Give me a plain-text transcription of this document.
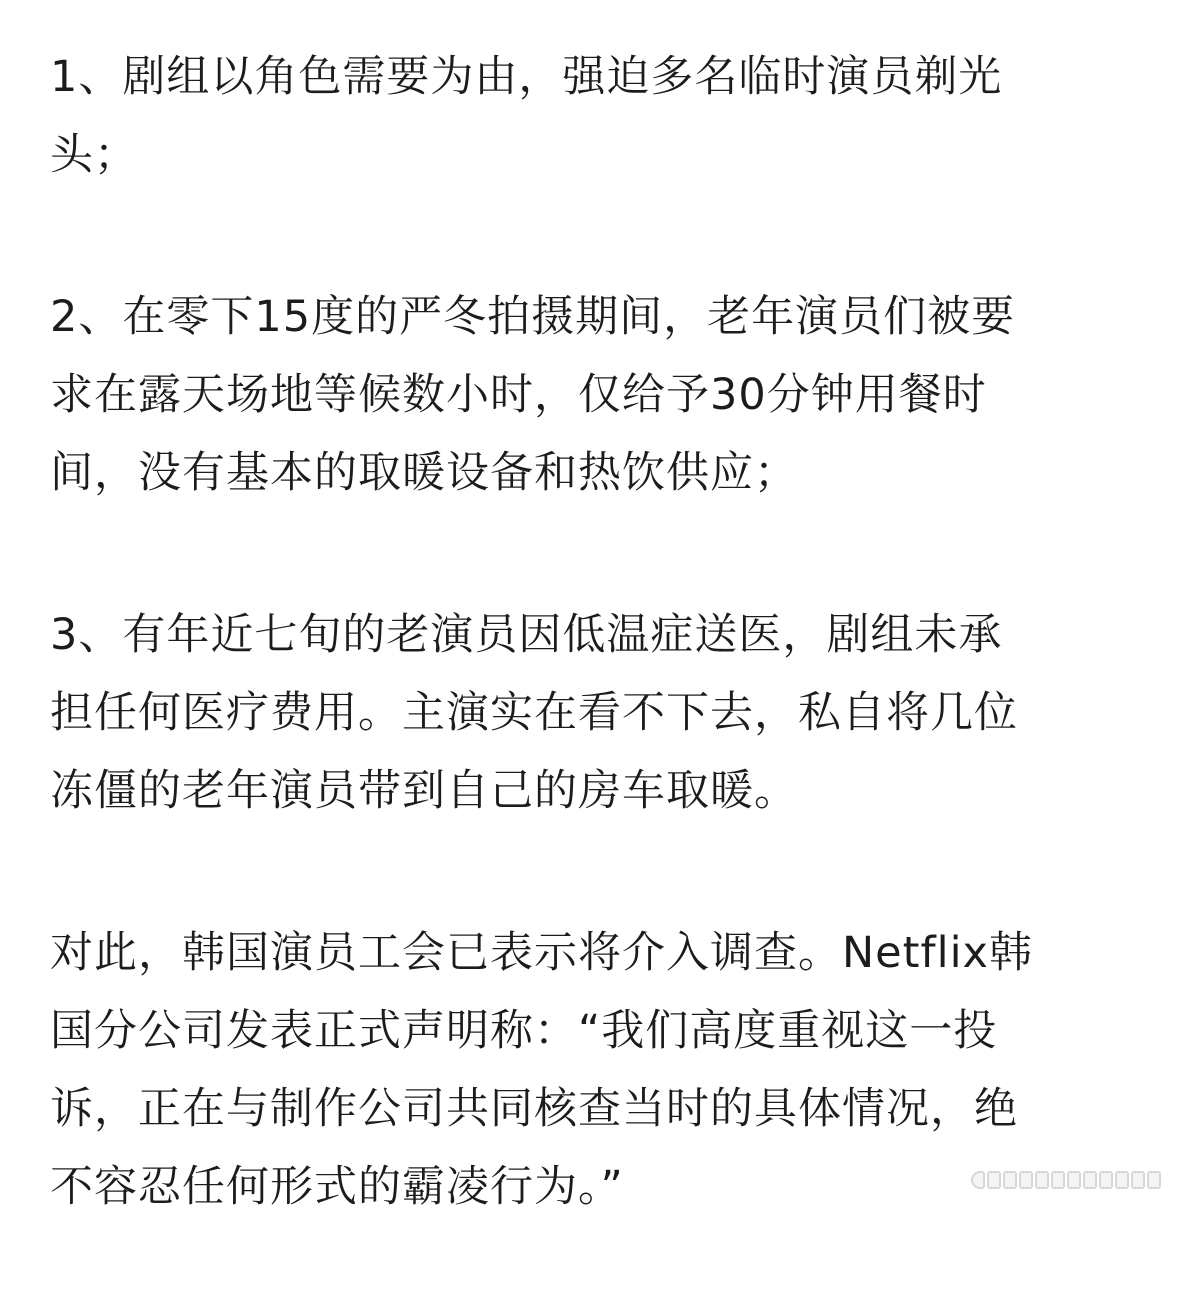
1、剧组以角色需要为由，强迫多名临时演员剃光
头；
2、在零下15度的严冬拍摄期间，老年演员们被要
求在露天场地等候数小时，仅给予30分钟用餐时
间，没有基本的取暖设备和热饮供应；
3、有年近七旬的老演员因低温症送医，剧组未承
担任何医疗费用。主演实在看不下去，私自将几位
冻僵的老年演员带到自己的房车取暖。
对此，韩国演员工会已表示将介入调查。Netflix韩
国分公司发表正式声明称：“我们高度重视这一投
诉，正在与制作公司共同核查当时的具体情况，绝
不容忍任何形式的霸凌行为。”
